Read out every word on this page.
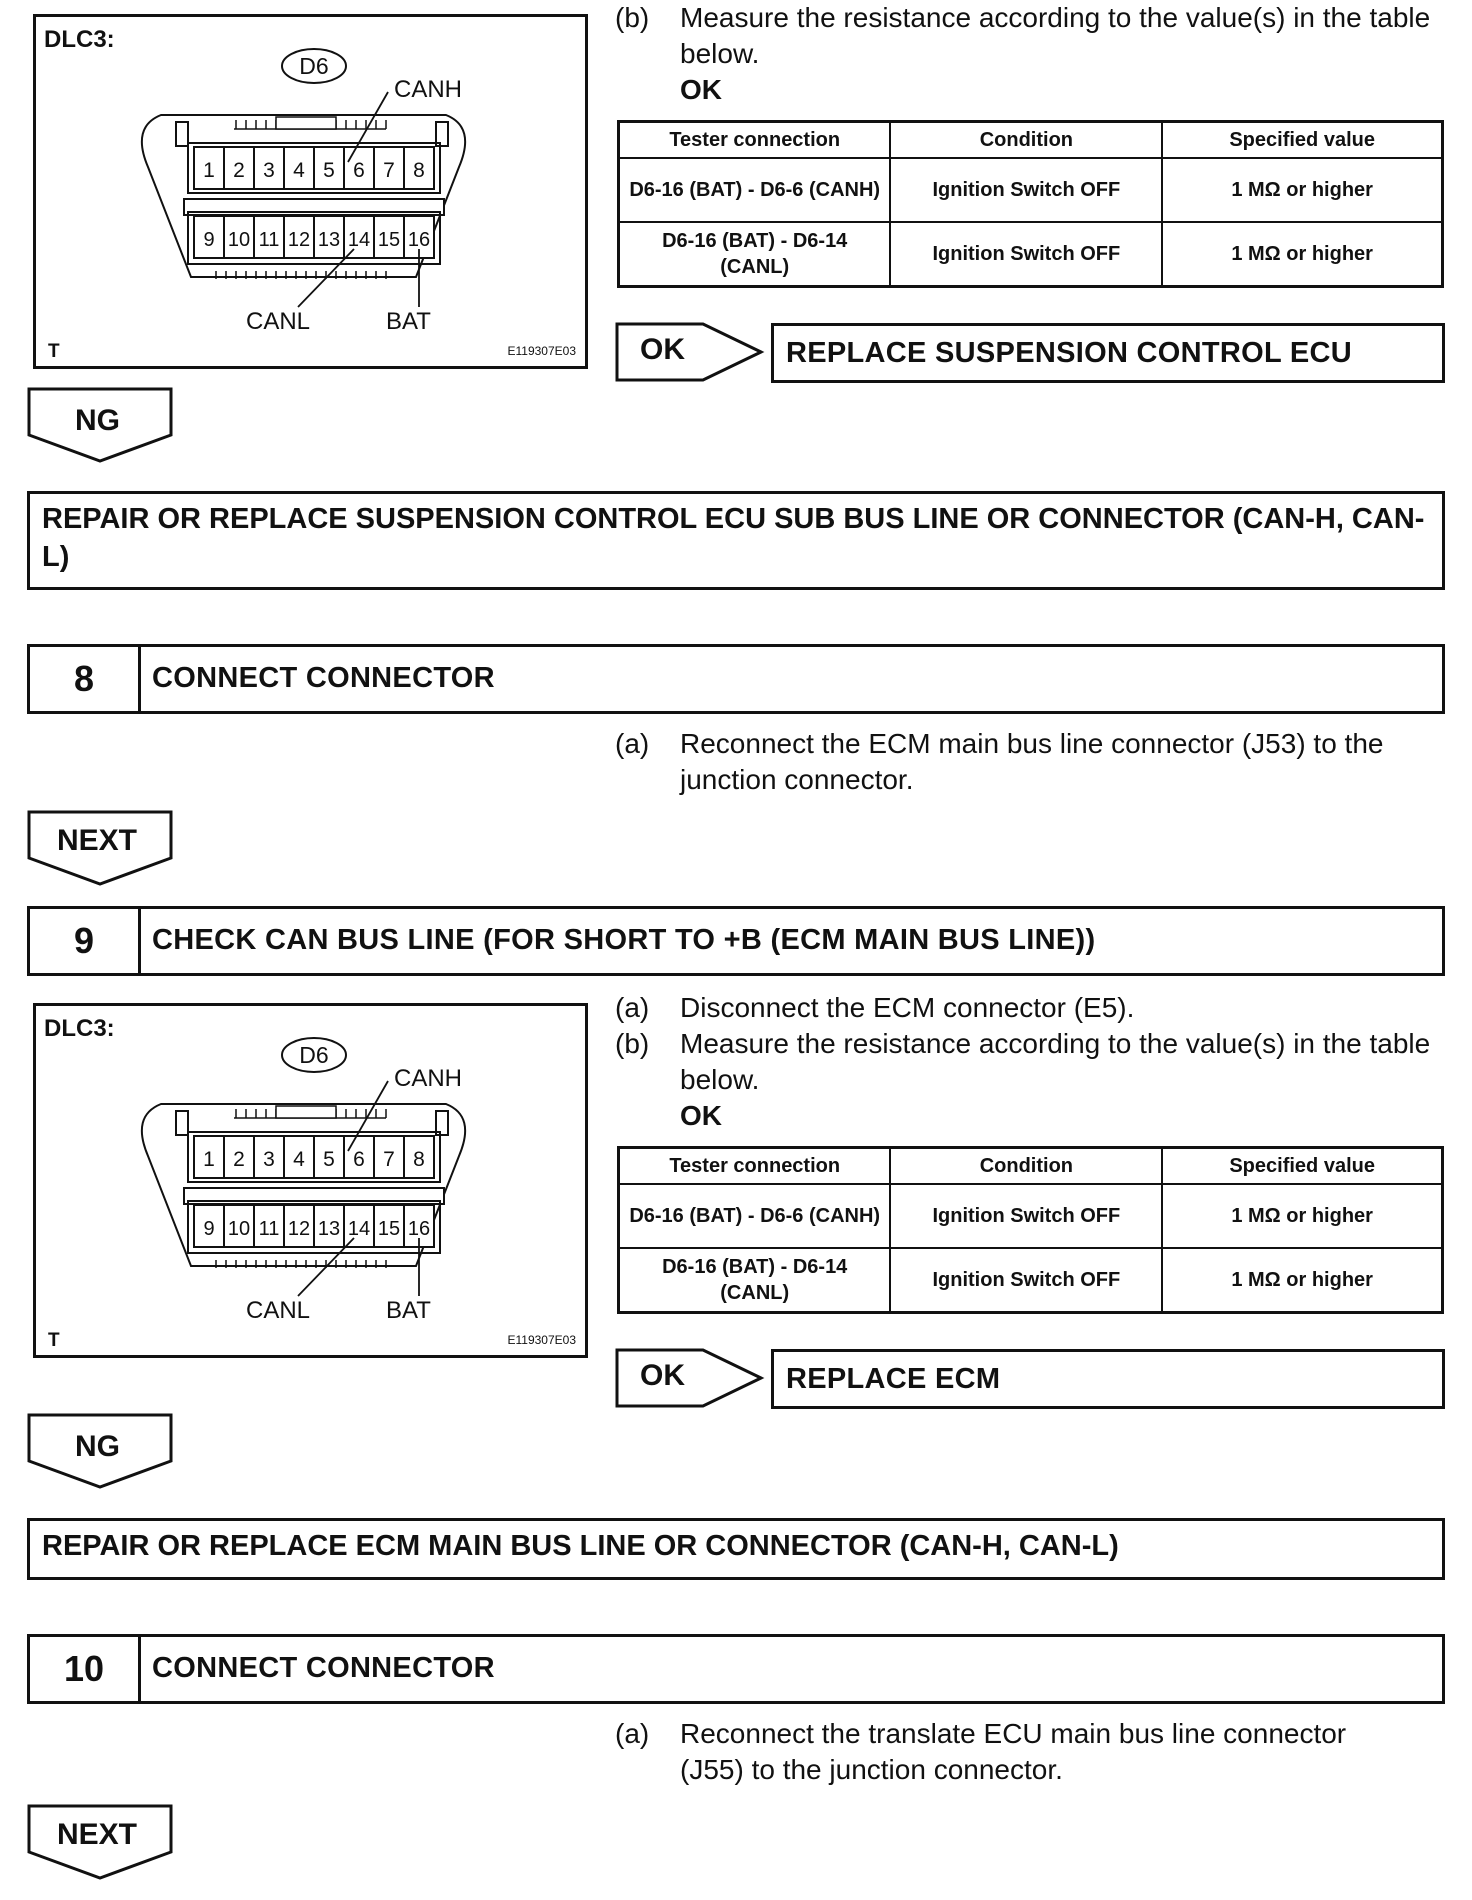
DLC3:
D6
1 2 3 4 5 6 7 8
9 10 11 12 13 14 15 16
CANH
CANL	BAT
T	E119307E03
(b) Measure the resistance according to the value(s) in the table below.
OK
Tester connection	Condition	Specified value
D6-16 (BAT) - D6-6 (CANH)	Ignition Switch OFF	1 MΩ or higher
D6-16 (BAT) - D6-14 (CANL)	Ignition Switch OFF	1 MΩ or higher
OK	REPLACE SUSPENSION CONTROL ECU
NG
REPAIR OR REPLACE SUSPENSION CONTROL ECU SUB BUS LINE OR CONNECTOR (CAN-H, CAN-L)
8	CONNECT CONNECTOR
(a) Reconnect the ECM main bus line connector (J53) to the junction connector.
NEXT
9	CHECK CAN BUS LINE (FOR SHORT TO +B (ECM MAIN BUS LINE))
DLC3:
D6
1 2 3 4 5 6 7 8
9 10 11 12 13 14 15 16
CANH
CANL	BAT
T	E119307E03
(a) Disconnect the ECM connector (E5).
(b) Measure the resistance according to the value(s) in the table below.
OK
Tester connection	Condition	Specified value
D6-16 (BAT) - D6-6 (CANH)	Ignition Switch OFF	1 MΩ or higher
D6-16 (BAT) - D6-14 (CANL)	Ignition Switch OFF	1 MΩ or higher
OK	REPLACE ECM
NG
REPAIR OR REPLACE ECM MAIN BUS LINE OR CONNECTOR (CAN-H, CAN-L)
10	CONNECT CONNECTOR
(a) Reconnect the translate ECU main bus line connector (J55) to the junction connector.
NEXT
